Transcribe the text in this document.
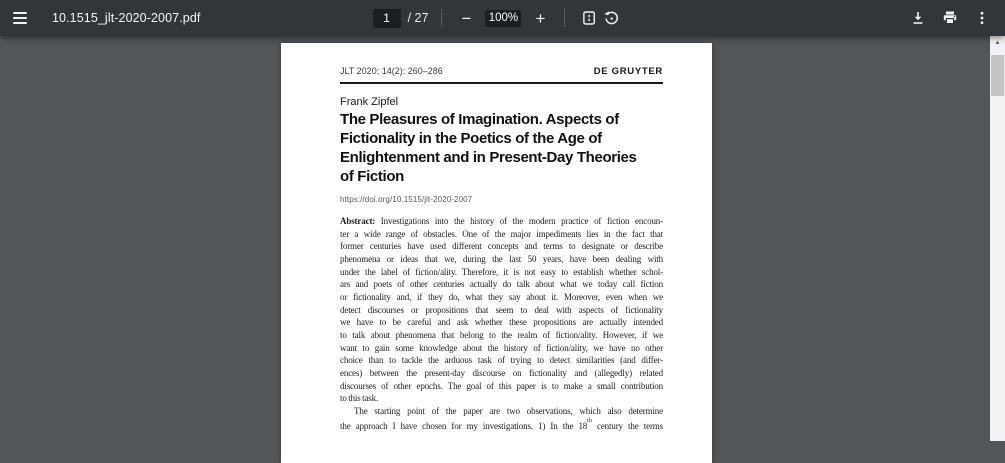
10.1515_jlt-2020-2007.pdf
1	/ 27	−	100%	+
▲
JLT 2020; 14(2): 260–286	DE GRUYTER
Frank Zipfel
The Pleasures of Imagination. Aspects of
Fictionality in the Poetics of the Age of
Enlightenment and in Present-Day Theories
of Fiction
https://doi.org/10.1515/jlt-2020-2007
Abstract: Investigations into the history of the modern practice of fiction encoun-
ter a wide range of obstacles. One of the major impediments lies in the fact that
former centuries have used different concepts and terms to designate or describe
phenomena or ideas that we, during the last 50 years, have been dealing with
under the label of fiction/ality. Therefore, it is not easy to establish whether schol-
ars and poets of other centuries actually do talk about what we today call fiction
or fictionality and, if they do, what they say about it. Moreover, even when we
detect discourses or propositions that seem to deal with aspects of fictionality
we have to be careful and ask whether these propositions are actually intended
to talk about phenomena that belong to the realm of fiction/ality. However, if we
want to gain some knowledge about the history of fiction/ality, we have no other
choice than to tackle the arduous task of trying to detect similarities (and differ-
ences) between the present-day discourse on fictionality and (allegedly) related
discourses of other epochs. The goal of this paper is to make a small contribution
to this task.
The starting point of the paper are two observations, which also determine
the approach I have chosen for my investigations. 1) In the 18th century the terms
